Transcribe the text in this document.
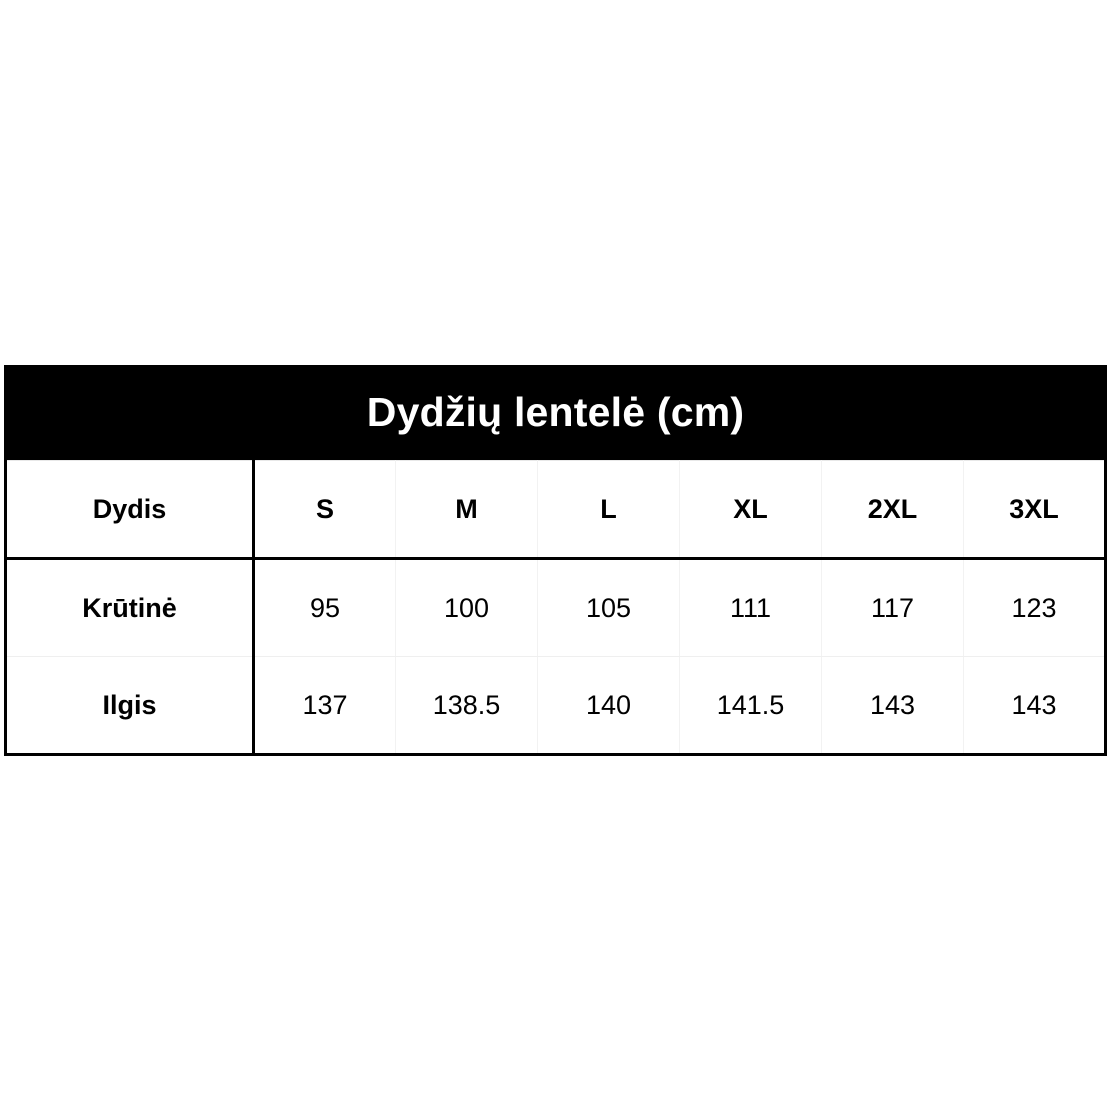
Dydžių lentelė (cm)
Dydis	S	M	L	XL	2XL	3XL
Krūtinė	95	100	105	111	117	123
Ilgis	137	138.5	140	141.5	143	143
